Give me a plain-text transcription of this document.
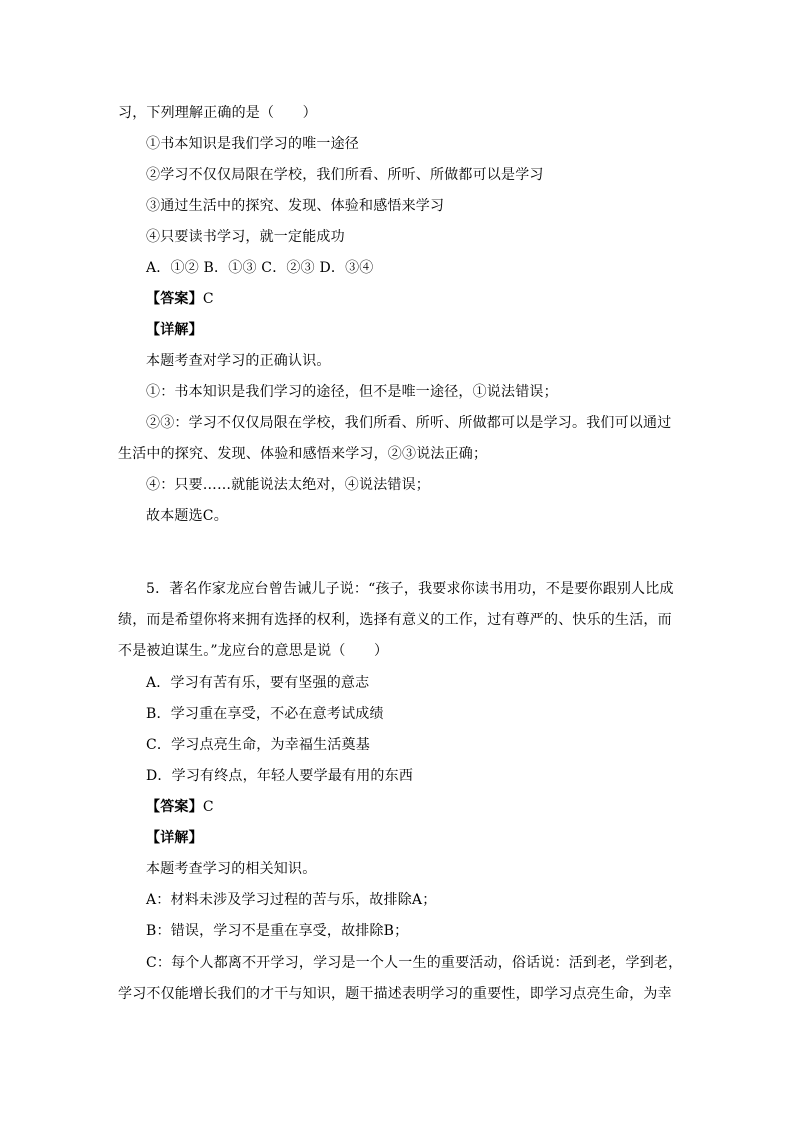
习，下列理解正确的是（　　）
①书本知识是我们学习的唯一途径
②学习不仅仅局限在学校，我们所看、所听、所做都可以是学习
③通过生活中的探究、发现、体验和感悟来学习
④只要读书学习，就一定能成功
A．①② B．①③ C．②③ D．③④
【答案】C
【详解】
本题考查对学习的正确认识。
①：书本知识是我们学习的途径，但不是唯一途径，①说法错误；
②③：学习不仅仅局限在学校，我们所看、所听、所做都可以是学习。我们可以通过
生活中的探究、发现、体验和感悟来学习，②③说法正确；
④：只要……就能说法太绝对，④说法错误；
故本题选C。
5．著名作家龙应台曾告诫儿子说：“孩子，我要求你读书用功，不是要你跟别人比成
绩，而是希望你将来拥有选择的权利，选择有意义的工作，过有尊严的、快乐的生活，而
不是被迫谋生。”龙应台的意思是说（　　）
A．学习有苦有乐，要有坚强的意志
B．学习重在享受，不必在意考试成绩
C．学习点亮生命，为幸福生活奠基
D．学习有终点，年轻人要学最有用的东西
【答案】C
【详解】
本题考查学习的相关知识。
A：材料未涉及学习过程的苦与乐，故排除A；
B：错误，学习不是重在享受，故排除B；
C：每个人都离不开学习，学习是一个人一生的重要活动，俗话说：活到老，学到老，
学习不仅能增长我们的才干与知识，题干描述表明学习的重要性，即学习点亮生命，为幸
